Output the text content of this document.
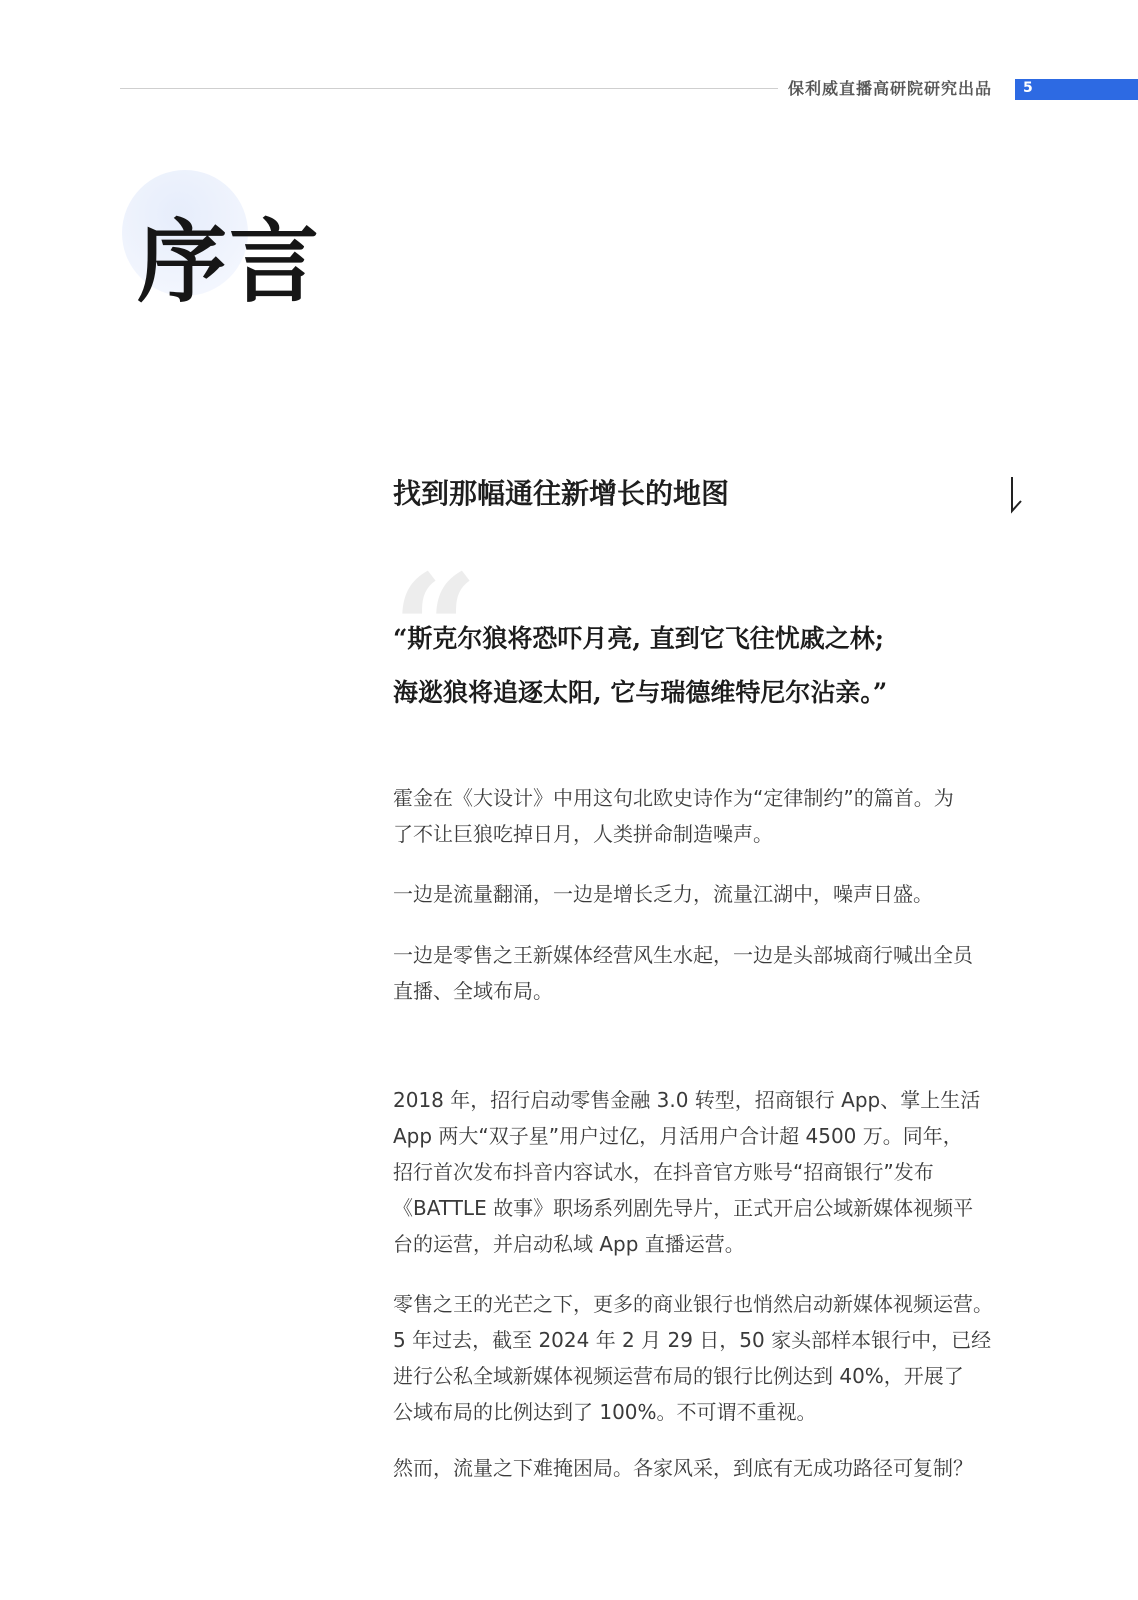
保利威直播高研院研究出品 5
序言
找到那幅通往新增长的地图
“
“斯克尔狼将恐吓月亮, 直到它飞往忧戚之林;
海逖狼将追逐太阳, 它与瑞德维特尼尔沾亲。”

霍金在《大设计》中用这句北欧史诗作为“定律制约”的篇首。为

了不让巨狼吃掉日月，人类拼命制造噪声。

一边是流量翻涌，一边是增长乏力，流量江湖中，噪声日盛。

一边是零售之王新媒体经营风生水起，一边是头部城商行喊出全员

直播、全域布局。

2018 年，招行启动零售金融 3.0 转型，招商银行 App、掌上生活

App 两大“双子星”用户过亿，月活用户合计超 4500 万。同年，

招行首次发布抖音内容试水，在抖音官方账号“招商银行”发布

《BATTLE 故事》职场系列剧先导片，正式开启公域新媒体视频平

台的运营，并启动私域 App 直播运营。

零售之王的光芒之下，更多的商业银行也悄然启动新媒体视频运营。

5 年过去，截至 2024 年 2 月 29 日，50 家头部样本银行中，已经

进行公私全域新媒体视频运营布局的银行比例达到 40%，开展了

公域布局的比例达到了 100%。不可谓不重视。

然而，流量之下难掩困局。各家风采，到底有无成功路径可复制？
